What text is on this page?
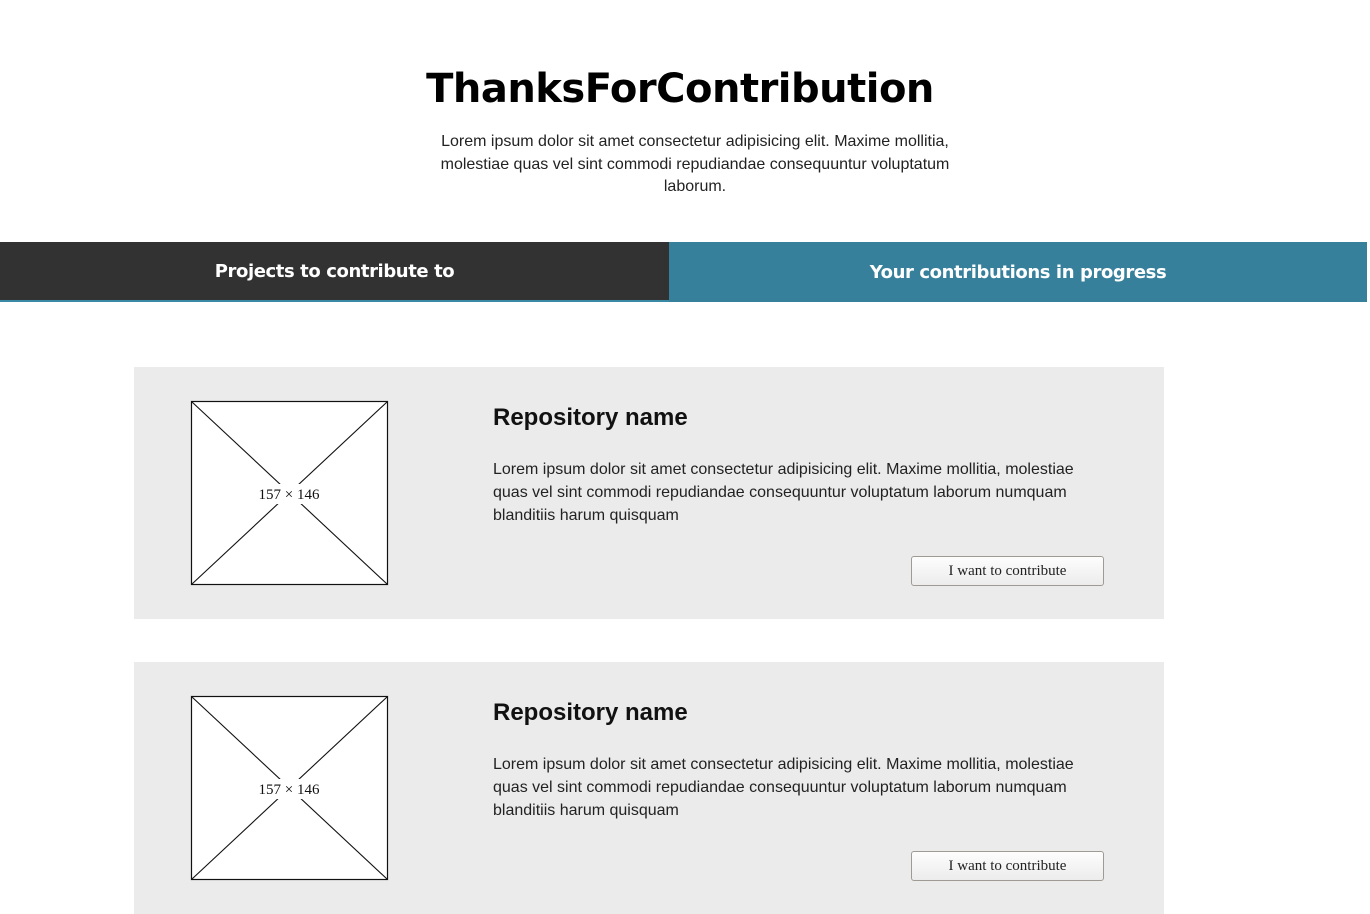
ThanksForContribution

Lorem ipsum dolor sit amet consectetur adipisicing elit. Maxime mollitia, molestiae quas vel sint commodi repudiandae consequuntur voluptatum laborum.

Projects to contribute to	Your contributions in progress
157 × 146
Repository name

Lorem ipsum dolor sit amet consectetur adipisicing elit. Maxime mollitia, molestiae quas vel sint commodi repudiandae consequuntur voluptatum laborum numquam blanditiis harum quisquam

I want to contribute
157 × 146
Repository name

Lorem ipsum dolor sit amet consectetur adipisicing elit. Maxime mollitia, molestiae quas vel sint commodi repudiandae consequuntur voluptatum laborum numquam blanditiis harum quisquam

I want to contribute
